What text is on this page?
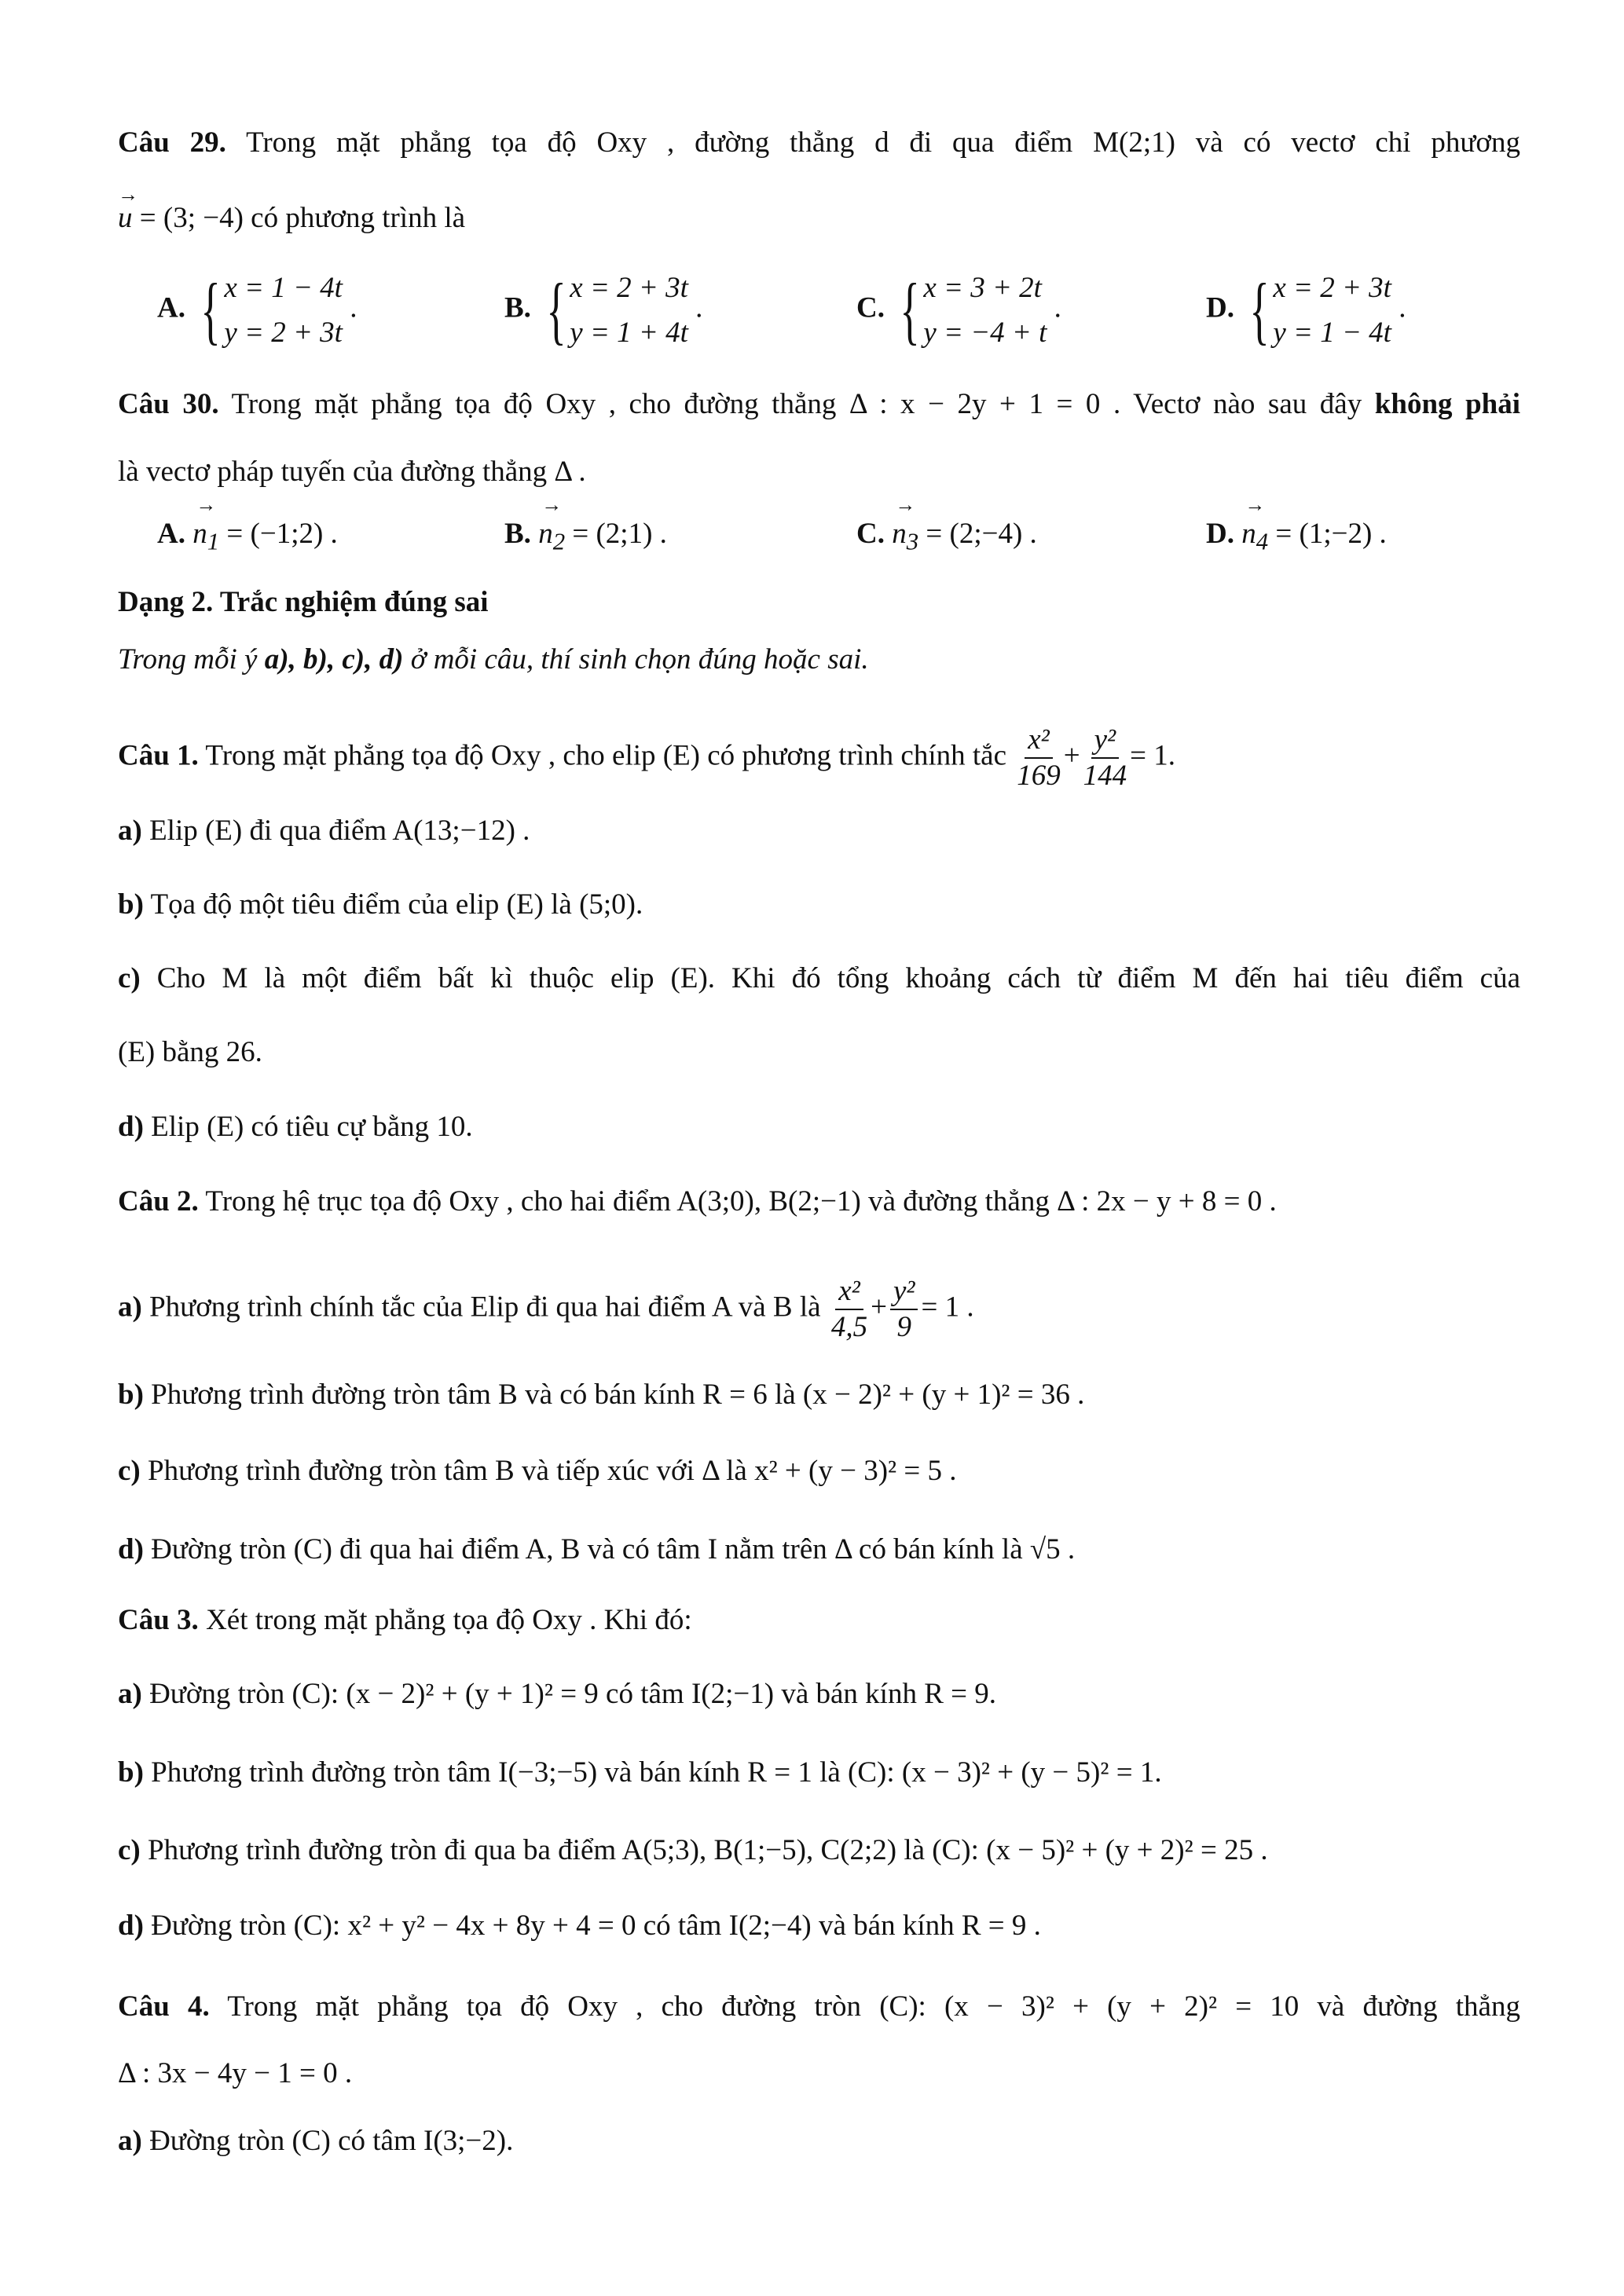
Câu 29. Trong mặt phẳng tọa độ Oxy , đường thẳng d đi qua điểm M(2;1) và có vectơ chỉ phương
→ u = (3; −4) có phương trình là
A. { x = 1 − 4t
y = 2 + 3t
.	B. { x = 2 + 3t
y = 1 + 4t
.	C. { x = 3 + 2t
y = −4 + t
.	D. { x = 2 + 3t
y = 1 − 4t
.
Câu 30. Trong mặt phẳng tọa độ Oxy , cho đường thẳng Δ : x − 2y + 1 = 0 . Vectơ nào sau đây không phải
là vectơ pháp tuyến của đường thẳng Δ .
A. → $n_1$ = (−1;2) .	B. → $n_2$ = (2;1) .	C. → $n_3$ = (2;−4) .	D. → $n_4$ = (1;−2) .
Dạng 2. Trắc nghiệm đúng sai
Trong mỗi ý a), b), c), d) ở mỗi câu, thí sinh chọn đúng hoặc sai.
Câu 1. Trong mặt phẳng tọa độ Oxy , cho elip (E) có phương trình chính tắc $\frac{\text{x²}}{169} + \frac{\text{y²}}{144} = 1$.
a) Elip (E) đi qua điểm A(13;−12) .
b) Tọa độ một tiêu điểm của elip (E) là (5;0).
c) Cho M là một điểm bất kì thuộc elip (E). Khi đó tổng khoảng cách từ điểm M đến hai tiêu điểm của
(E) bằng 26.
d) Elip (E) có tiêu cự bằng 10.
Câu 2. Trong hệ trục tọa độ Oxy , cho hai điểm A(3;0), B(2;−1) và đường thẳng Δ : 2x − y + 8 = 0 .
a) Phương trình chính tắc của Elip đi qua hai điểm A và B là $\frac{\text{x²}}{4,5} + \frac{\text{y²}}{9} = 1$ .
b) Phương trình đường tròn tâm B và có bán kính R = 6 là (x − 2)² + (y + 1)² = 36 .
c) Phương trình đường tròn tâm B và tiếp xúc với Δ là x² + (y − 3)² = 5 .
d) Đường tròn (C) đi qua hai điểm A, B và có tâm I nằm trên Δ có bán kính là √5 .
Câu 3. Xét trong mặt phẳng tọa độ Oxy . Khi đó:
a) Đường tròn (C): (x − 2)² + (y + 1)² = 9 có tâm I(2;−1) và bán kính R = 9.
b) Phương trình đường tròn tâm I(−3;−5) và bán kính R = 1 là (C): (x − 3)² + (y − 5)² = 1.
c) Phương trình đường tròn đi qua ba điểm A(5;3), B(1;−5), C(2;2) là (C): (x − 5)² + (y + 2)² = 25 .
d) Đường tròn (C): x² + y² − 4x + 8y + 4 = 0 có tâm I(2;−4) và bán kính R = 9 .
Câu 4. Trong mặt phẳng tọa độ Oxy , cho đường tròn (C): (x − 3)² + (y + 2)² = 10 và đường thẳng
Δ : 3x − 4y − 1 = 0 .
a) Đường tròn (C) có tâm I(3;−2).
